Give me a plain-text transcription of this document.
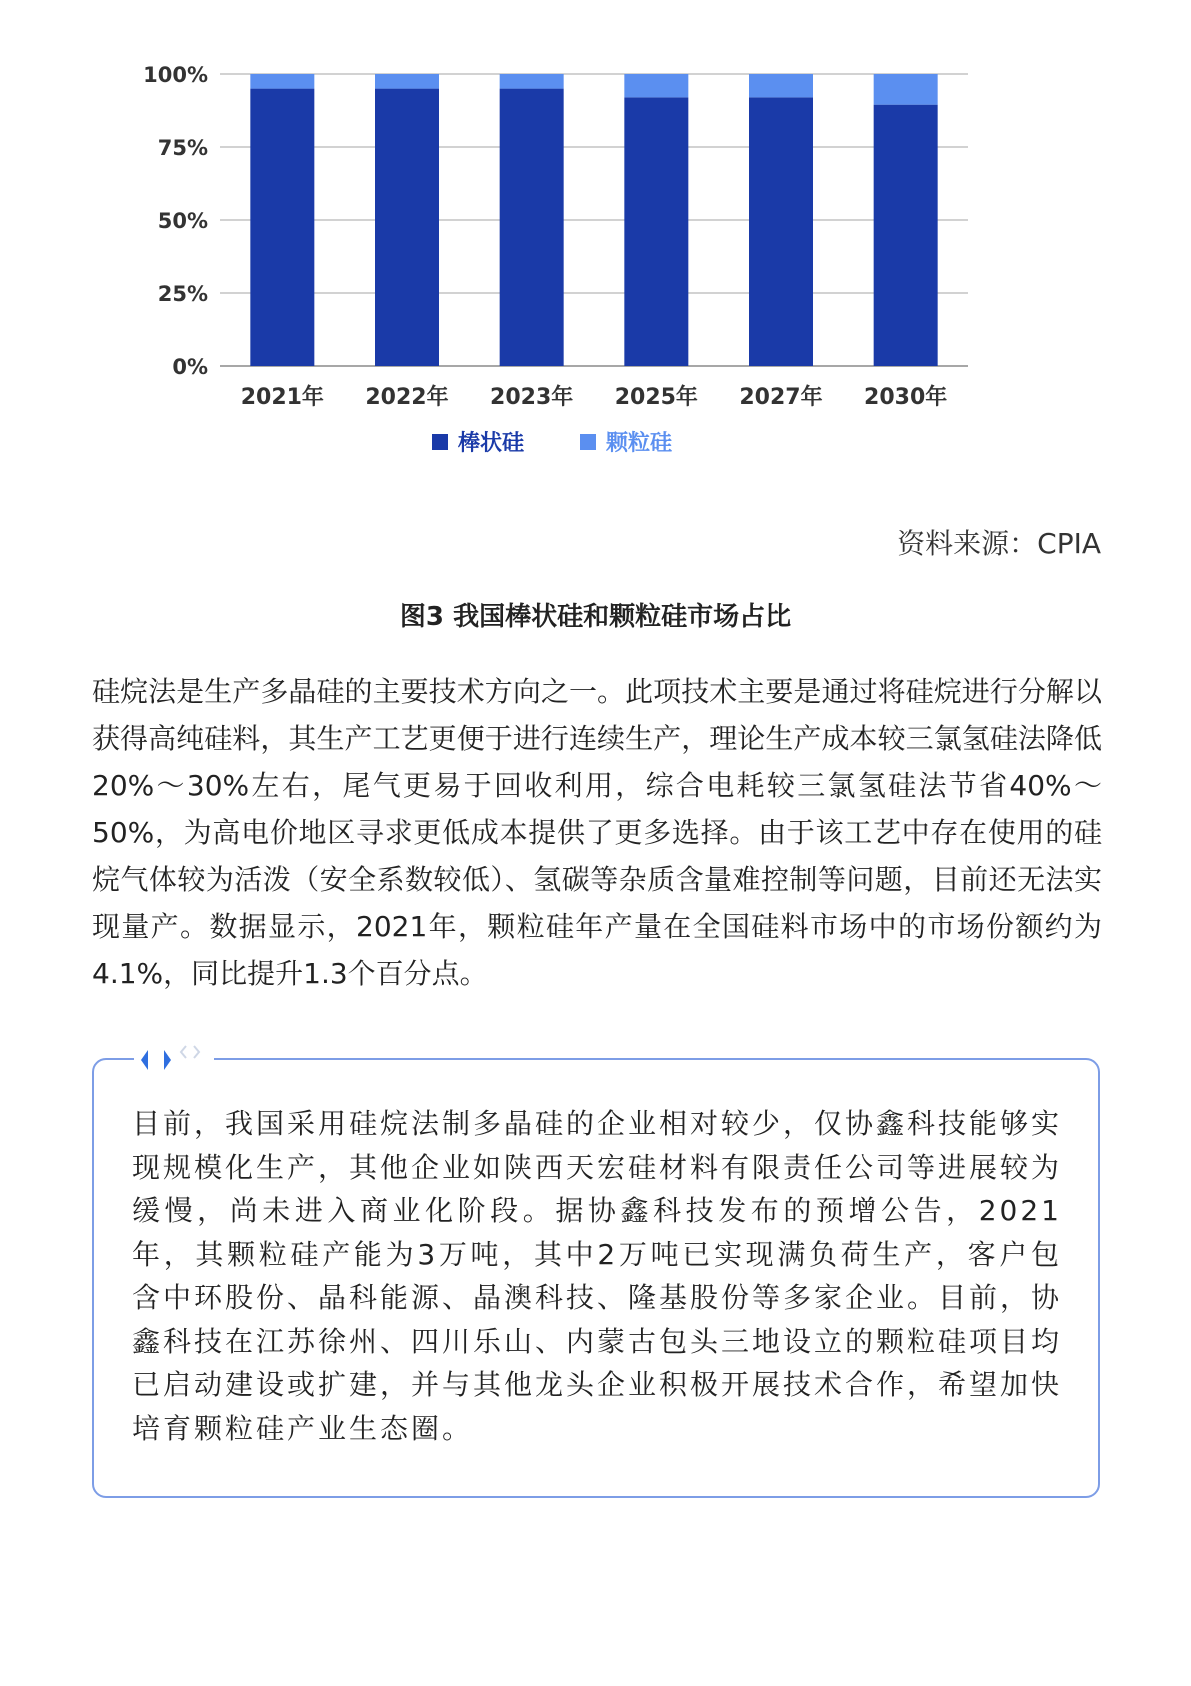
0%
25%
50%
75%
100%
2021年 2022年 2023年 2025年 2027年 2030年
棒状硅	颗粒硅
资料来源：CPIA
图3 我国棒状硅和颗粒硅市场占比

硅烷法是生产多晶硅的主要技术方向之一。此项技术主要是通过将硅烷进行分解以获得高纯硅料，其生产工艺更便于进行连续生产，理论生产成本较三氯氢硅法降低20%～30%左右，尾气更易于回收利用，综合电耗较三氯氢硅法节省40%～50%，为高电价地区寻求更低成本提供了更多选择。由于该工艺中存在使用的硅烷气体较为活泼（安全系数较低）、氢碳等杂质含量难控制等问题，目前还无法实现量产。数据显示，2021年，颗粒硅年产量在全国硅料市场中的市场份额约为4.1%，同比提升1.3个百分点。

目前，我国采用硅烷法制多晶硅的企业相对较少，仅协鑫科技能够实现规模化生产，其他企业如陕西天宏硅材料有限责任公司等进展较为缓慢，尚未进入商业化阶段。据协鑫科技发布的预增公告，2021年，其颗粒硅产能为3万吨，其中2万吨已实现满负荷生产，客户包含中环股份、晶科能源、晶澳科技、隆基股份等多家企业。目前，协鑫科技在江苏徐州、四川乐山、内蒙古包头三地设立的颗粒硅项目均已启动建设或扩建，并与其他龙头企业积极开展技术合作，希望加快培育颗粒硅产业生态圈。
